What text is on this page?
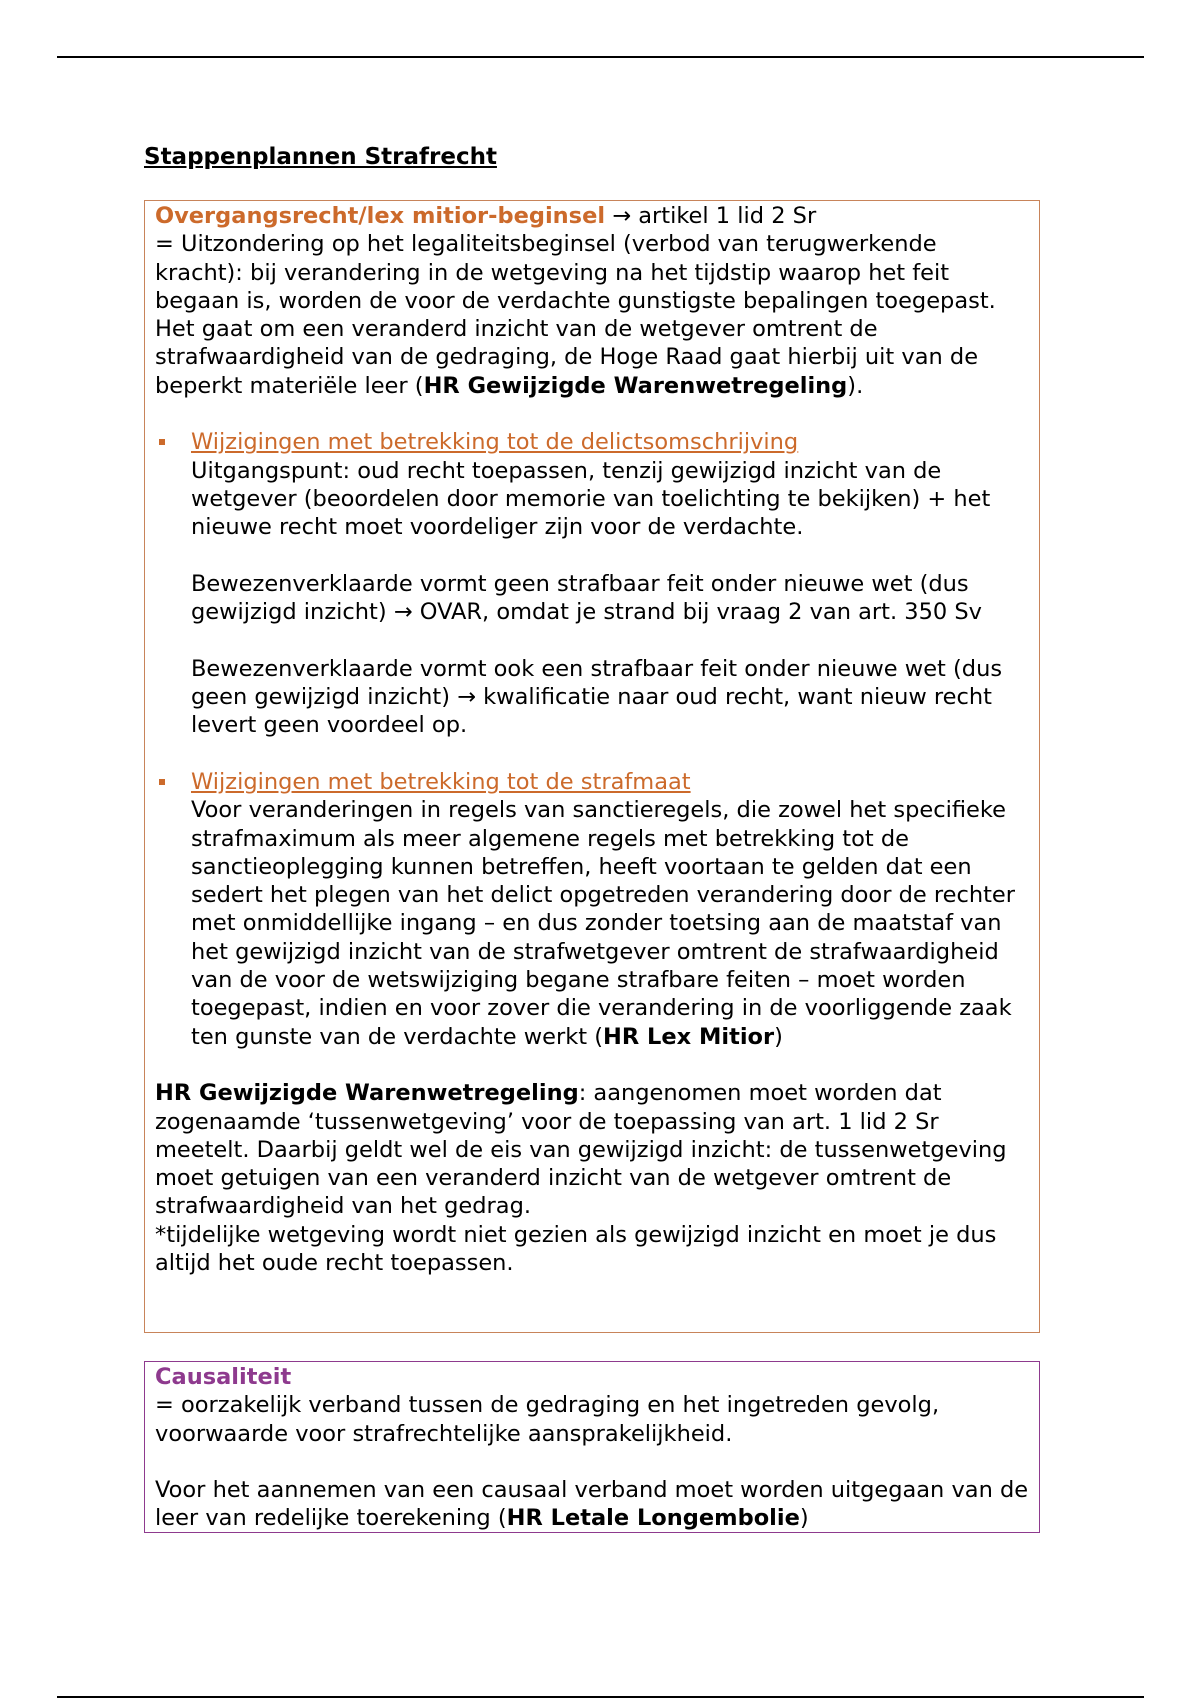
Stappenplannen Strafrecht

Overgangsrecht/lex mitior-beginsel → artikel 1 lid 2 Sr

= Uitzondering op het legaliteitsbeginsel (verbod van terugwerkende kracht): bij verandering in de wetgeving na het tijdstip waarop het feit begaan is, worden de voor de verdachte gunstigste bepalingen toegepast. Het gaat om een veranderd inzicht van de wetgever omtrent de strafwaardigheid van de gedraging, de Hoge Raad gaat hierbij uit van de beperkt materiële leer (HR Gewijzigde Warenwetregeling).

Wijzigingen met betrekking tot de delictsomschrijving

Uitgangspunt: oud recht toepassen, tenzij gewijzigd inzicht van de wetgever (beoordelen door memorie van toelichting te bekijken) + het nieuwe recht moet voordeliger zijn voor de verdachte.

Bewezenverklaarde vormt geen strafbaar feit onder nieuwe wet (dus gewijzigd inzicht) → OVAR, omdat je strand bij vraag 2 van art. 350 Sv

Bewezenverklaarde vormt ook een strafbaar feit onder nieuwe wet (dus geen gewijzigd inzicht) → kwalificatie naar oud recht, want nieuw recht levert geen voordeel op.

Wijzigingen met betrekking tot de strafmaat

Voor veranderingen in regels van sanctieregels, die zowel het specifieke strafmaximum als meer algemene regels met betrekking tot de sanctieoplegging kunnen betreffen, heeft voortaan te gelden dat een sedert het plegen van het delict opgetreden verandering door de rechter met onmiddellijke ingang – en dus zonder toetsing aan de maatstaf van het gewijzigd inzicht van de strafwetgever omtrent de strafwaardigheid van de voor de wetswijziging begane strafbare feiten – moet worden toegepast, indien en voor zover die verandering in de voorliggende zaak ten gunste van de verdachte werkt (HR Lex Mitior)

HR Gewijzigde Warenwetregeling: aangenomen moet worden dat zogenaamde ‘tussenwetgeving’ voor de toepassing van art. 1 lid 2 Sr meetelt. Daarbij geldt wel de eis van gewijzigd inzicht: de tussenwetgeving moet getuigen van een veranderd inzicht van de wetgever omtrent de strafwaardigheid van het gedrag.

*tijdelijke wetgeving wordt niet gezien als gewijzigd inzicht en moet je dus altijd het oude recht toepassen.

Causaliteit

= oorzakelijk verband tussen de gedraging en het ingetreden gevolg, voorwaarde voor strafrechtelijke aansprakelijkheid.

Voor het aannemen van een causaal verband moet worden uitgegaan van de leer van redelijke toerekening (HR Letale Longembolie)
